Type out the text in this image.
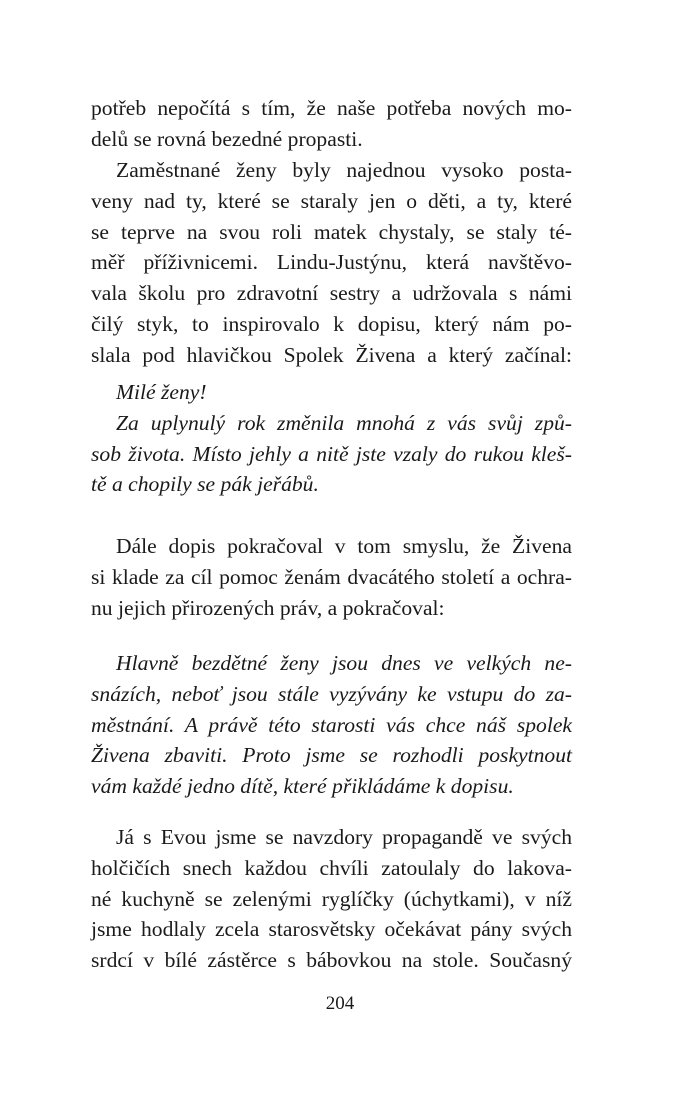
potřeb nepočítá s tím, že naše potřeba nových mo-
delů se rovná bezedné propasti.
Zaměstnané ženy byly najednou vysoko posta-
veny nad ty, které se staraly jen o děti, a ty, které
se teprve na svou roli matek chystaly, se staly té-
měř příživnicemi. Lindu-Justýnu, která navštěvo-
vala školu pro zdravotní sestry a udržovala s námi
čilý styk, to inspirovalo k dopisu, který nám po-
slala pod hlavičkou Spolek Živena a který začínal:
Milé ženy!
Za uplynulý rok změnila mnohá z vás svůj způ-
sob života. Místo jehly a nitě jste vzaly do rukou kleš-
tě a chopily se pák jeřábů.
Dále dopis pokračoval v tom smyslu, že Živena
si klade za cíl pomoc ženám dvacátého století a ochra-
nu jejich přirozených práv, a pokračoval:
Hlavně bezdětné ženy jsou dnes ve velkých ne-
snázích, neboť jsou stále vyzývány ke vstupu do za-
městnání. A právě této starosti vás chce náš spolek
Živena zbaviti. Proto jsme se rozhodli poskytnout
vám každé jedno dítě, které přikládáme k dopisu.
Já s Evou jsme se navzdory propagandě ve svých
holčičích snech každou chvíli zatoulaly do lakova-
né kuchyně se zelenými ryglíčky (úchytkami), v níž
jsme hodlaly zcela starosvětsky očekávat pány svých
srdcí v bílé zástěrce s bábovkou na stole. Současný
204
